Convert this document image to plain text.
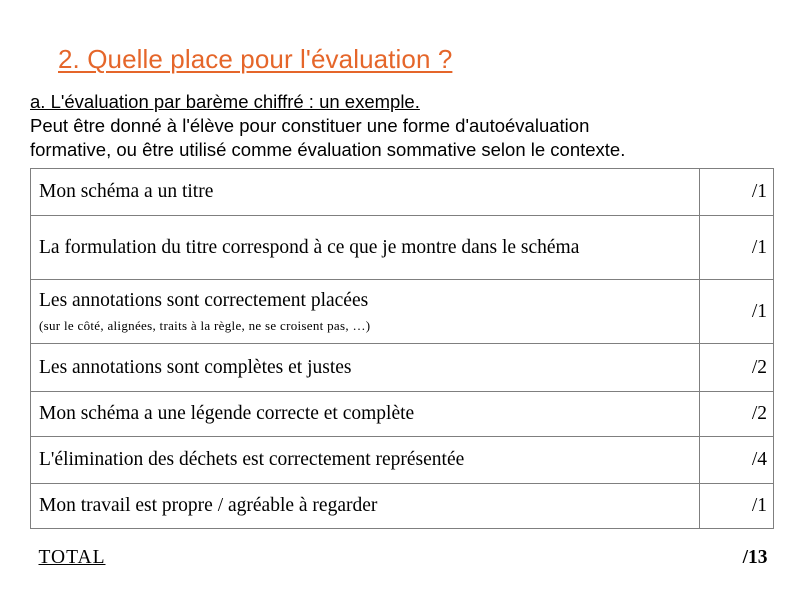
2. Quelle place pour l'évaluation ?
a. L'évaluation par barème chiffré : un exemple.
Peut être donné à l'élève pour constituer une forme d'autoévaluation
formative, ou être utilisé comme évaluation sommative selon le contexte.
Mon schéma a un titre	/1
La formulation du titre correspond à ce que je montre dans le schéma	/1
Les annotations sont correctement placées
(sur le côté, alignées, traits à la règle, ne se croisent pas, …)	/1
Les annotations sont complètes et justes	/2
Mon schéma a une légende correcte et complète	/2
L'élimination des déchets est correctement représentée	/4
Mon travail est propre / agréable à regarder	/1
TOTAL	/13
